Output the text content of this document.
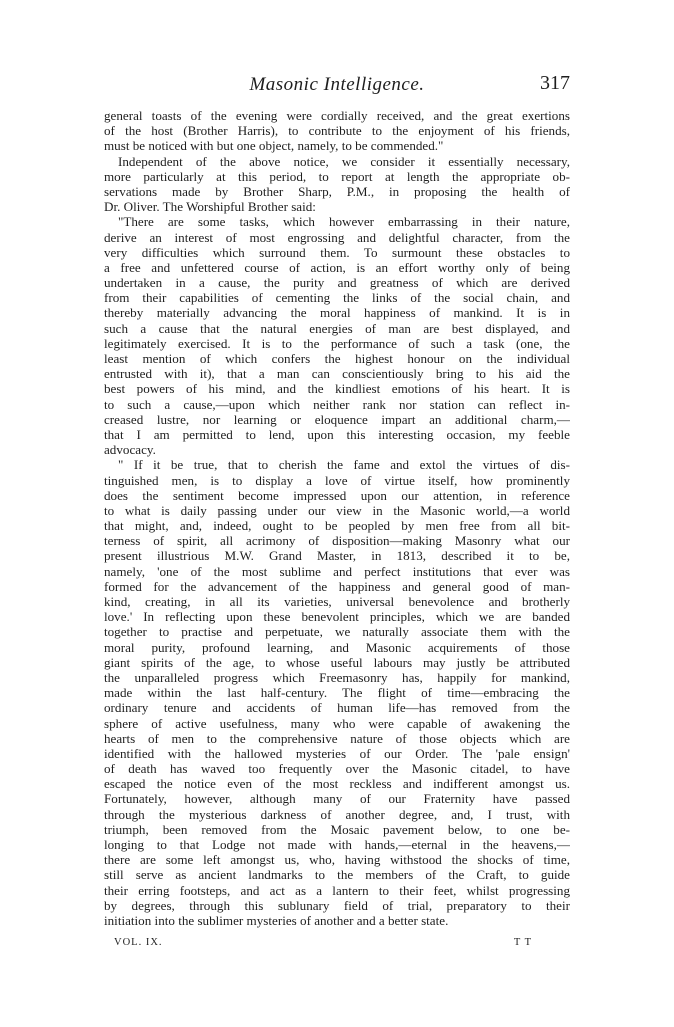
Masonic Intelligence.	317
general toasts of the evening were cordially received, and the great exertions
of the host (Brother Harris), to contribute to the enjoyment of his friends,
must be noticed with but one object, namely, to be commended."
Independent of the above notice, we consider it essentially necessary,
more particularly at this period, to report at length the appropriate ob-
servations made by Brother Sharp, P.M., in proposing the health of
Dr. Oliver. The Worshipful Brother said:
"There are some tasks, which however embarrassing in their nature,
derive an interest of most engrossing and delightful character, from the
very difficulties which surround them. To surmount these obstacles to
a free and unfettered course of action, is an effort worthy only of being
undertaken in a cause, the purity and greatness of which are derived
from their capabilities of cementing the links of the social chain, and
thereby materially advancing the moral happiness of mankind. It is in
such a cause that the natural energies of man are best displayed, and
legitimately exercised. It is to the performance of such a task (one, the
least mention of which confers the highest honour on the individual
entrusted with it), that a man can conscientiously bring to his aid the
best powers of his mind, and the kindliest emotions of his heart. It is
to such a cause,—upon which neither rank nor station can reflect in-
creased lustre, nor learning or eloquence impart an additional charm,—
that I am permitted to lend, upon this interesting occasion, my feeble
advocacy.
" If it be true, that to cherish the fame and extol the virtues of dis-
tinguished men, is to display a love of virtue itself, how prominently
does the sentiment become impressed upon our attention, in reference
to what is daily passing under our view in the Masonic world,—a world
that might, and, indeed, ought to be peopled by men free from all bit-
terness of spirit, all acrimony of disposition—making Masonry what our
present illustrious M.W. Grand Master, in 1813, described it to be,
namely, 'one of the most sublime and perfect institutions that ever was
formed for the advancement of the happiness and general good of man-
kind, creating, in all its varieties, universal benevolence and brotherly
love.' In reflecting upon these benevolent principles, which we are banded
together to practise and perpetuate, we naturally associate them with the
moral purity, profound learning, and Masonic acquirements of those
giant spirits of the age, to whose useful labours may justly be attributed
the unparalleled progress which Freemasonry has, happily for mankind,
made within the last half-century. The flight of time—embracing the
ordinary tenure and accidents of human life—has removed from the
sphere of active usefulness, many who were capable of awakening the
hearts of men to the comprehensive nature of those objects which are
identified with the hallowed mysteries of our Order. The 'pale ensign'
of death has waved too frequently over the Masonic citadel, to have
escaped the notice even of the most reckless and indifferent amongst us.
Fortunately, however, although many of our Fraternity have passed
through the mysterious darkness of another degree, and, I trust, with
triumph, been removed from the Mosaic pavement below, to one be-
longing to that Lodge not made with hands,—eternal in the heavens,—
there are some left amongst us, who, having withstood the shocks of time,
still serve as ancient landmarks to the members of the Craft, to guide
their erring footsteps, and act as a lantern to their feet, whilst progressing
by degrees, through this sublunary field of trial, preparatory to their
initiation into the sublimer mysteries of another and a better state.
VOL. IX.	T T
